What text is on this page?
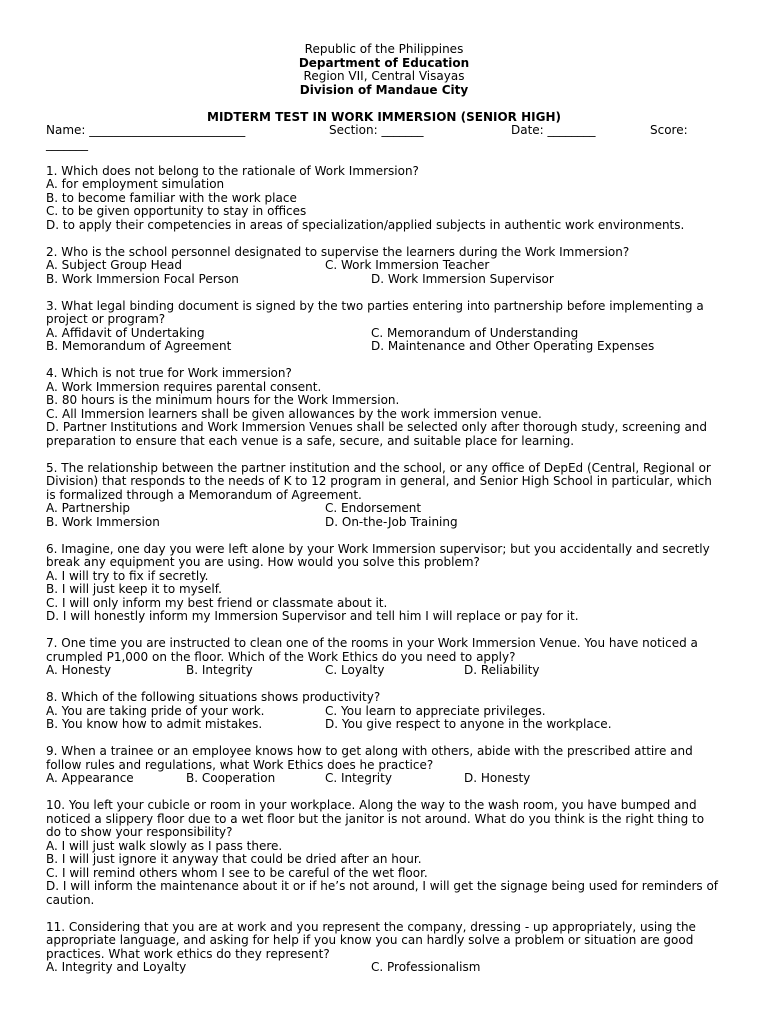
Republic of the Philippines
Department of Education
Region VII, Central Visayas
Division of Mandaue City
MIDTERM TEST IN WORK IMMERSION (SENIOR HIGH)
Name: __________________________	Section: _______	Date: ________	Score:
_______
1. Which does not belong to the rationale of Work Immersion?
A. for employment simulation
B. to become familiar with the work place
C. to be given opportunity to stay in offices
D. to apply their competencies in areas of specialization/applied subjects in authentic work environments.
2. Who is the school personnel designated to supervise the learners during the Work Immersion?
A. Subject Group Head	C. Work Immersion Teacher
B. Work Immersion Focal Person	D. Work Immersion Supervisor
3. What legal binding document is signed by the two parties entering into partnership before implementing a project or program?
A. Affidavit of Undertaking	C. Memorandum of Understanding
B. Memorandum of Agreement	D. Maintenance and Other Operating Expenses
4. Which is not true for Work immersion?
A. Work Immersion requires parental consent.
B. 80 hours is the minimum hours for the Work Immersion.
C. All Immersion learners shall be given allowances by the work immersion venue.
D. Partner Institutions and Work Immersion Venues shall be selected only after thorough study, screening and preparation to ensure that each venue is a safe, secure, and suitable place for learning.
5. The relationship between the partner institution and the school, or any office of DepEd (Central, Regional or Division) that responds to the needs of K to 12 program in general, and Senior High School in particular, which is formalized through a Memorandum of Agreement.
A. Partnership	C. Endorsement
B. Work Immersion	D. On-the-Job Training
6. Imagine, one day you were left alone by your Work Immersion supervisor; but you accidentally and secretly break any equipment you are using. How would you solve this problem?
A. I will try to fix if secretly.
B. I will just keep it to myself.
C. I will only inform my best friend or classmate about it.
D. I will honestly inform my Immersion Supervisor and tell him I will replace or pay for it.
7. One time you are instructed to clean one of the rooms in your Work Immersion Venue. You have noticed a crumpled P1,000 on the floor. Which of the Work Ethics do you need to apply?
A. Honesty	B. Integrity	C. Loyalty	D. Reliability
8. Which of the following situations shows productivity?
A. You are taking pride of your work.	C. You learn to appreciate privileges.
B. You know how to admit mistakes.	D. You give respect to anyone in the workplace.
9. When a trainee or an employee knows how to get along with others, abide with the prescribed attire and follow rules and regulations, what Work Ethics does he practice?
A. Appearance	B. Cooperation	C. Integrity	D. Honesty
10. You left your cubicle or room in your workplace. Along the way to the wash room, you have bumped and noticed a slippery floor due to a wet floor but the janitor is not around. What do you think is the right thing to do to show your responsibility?
A. I will just walk slowly as I pass there.
B. I will just ignore it anyway that could be dried after an hour.
C. I will remind others whom I see to be careful of the wet floor.
D. I will inform the maintenance about it or if he’s not around, I will get the signage being used for reminders of caution.
11. Considering that you are at work and you represent the company, dressing - up appropriately, using the appropriate language, and asking for help if you know you can hardly solve a problem or situation are good practices. What work ethics do they represent?
A. Integrity and Loyalty	C. Professionalism
